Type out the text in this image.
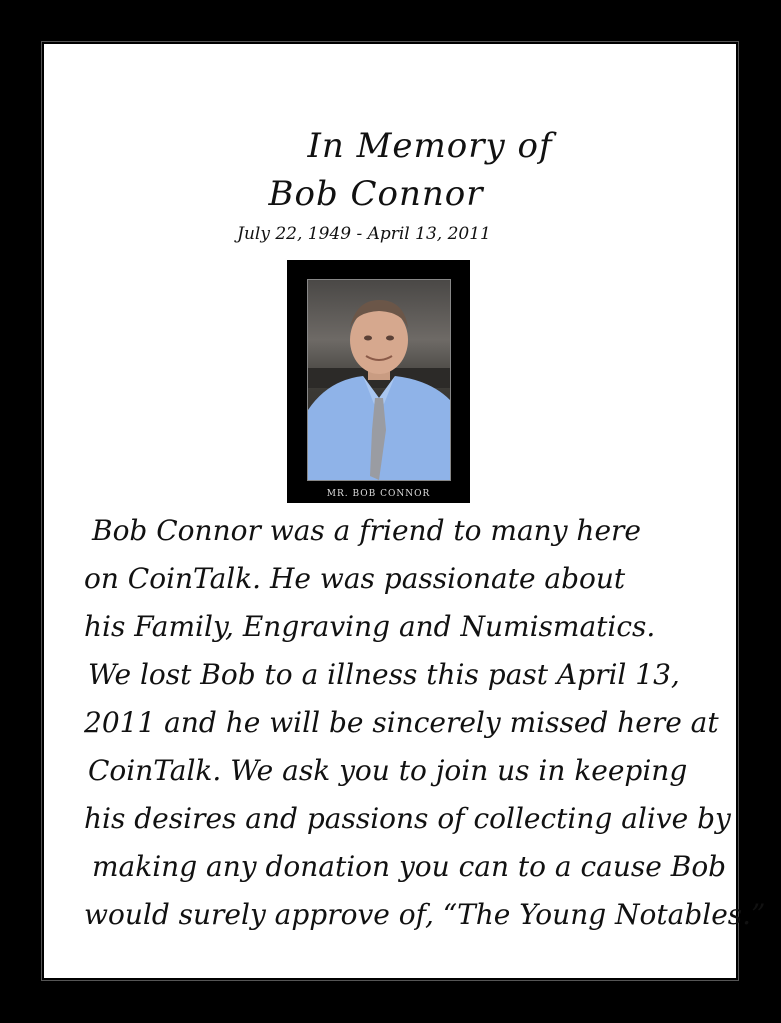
In Memory of
Bob Connor
July 22, 1949 - April 13, 2011
MR. BOB CONNOR
Bob Connor was a friend to many here
on CoinTalk. He was passionate about
his Family, Engraving and Numismatics.
We lost Bob to a illness this past April 13,
2011 and he will be sincerely missed here at
CoinTalk. We ask you to join us in keeping
his desires and passions of collecting alive by
making any donation you can to a cause Bob
would surely approve of, “The Young Notables.”
